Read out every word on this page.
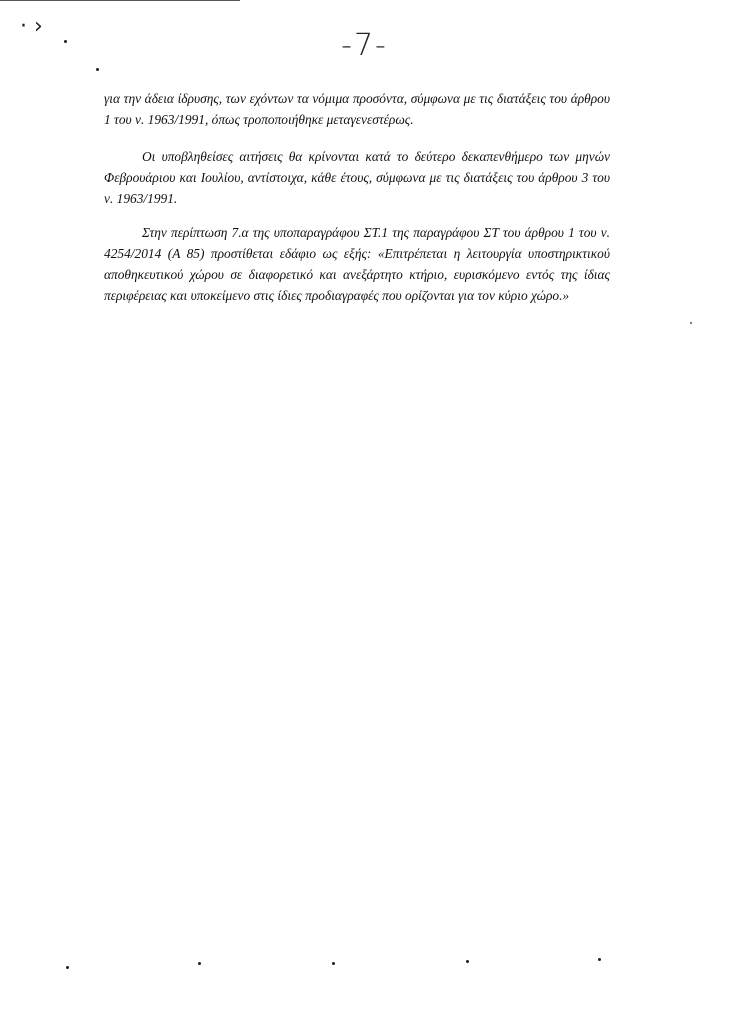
· ›
-7-

για την άδεια ίδρυσης, των εχόντων τα νόμιμα προσόντα, σύμφωνα με τις διατάξεις του άρθρου 1 του ν. 1963/1991, όπως τροποποιήθηκε μεταγενεστέρως.

Οι υποβληθείσες αιτήσεις θα κρίνονται κατά το δεύτερο δεκαπενθήμερο των μηνών Φεβρουάριου και Ιουλίου, αντίστοιχα, κάθε έτους, σύμφωνα με τις διατάξεις του άρθρου 3 του ν. 1963/1991.

Στην περίπτωση 7.α της υποπαραγράφου ΣΤ.1 της παραγράφου ΣΤ του άρθρου 1 του ν. 4254/2014 (Α 85) προστίθεται εδάφιο ως εξής: «Επιτρέπεται η λειτουργία υποστηρικτικού αποθηκευτικού χώρου σε διαφορετικό και ανεξάρτητο κτήριο, ευρισκόμενο εντός της ίδιας περιφέρειας και υποκείμενο στις ίδιες προδιαγραφές που ορίζονται για τον κύριο χώρο.»
